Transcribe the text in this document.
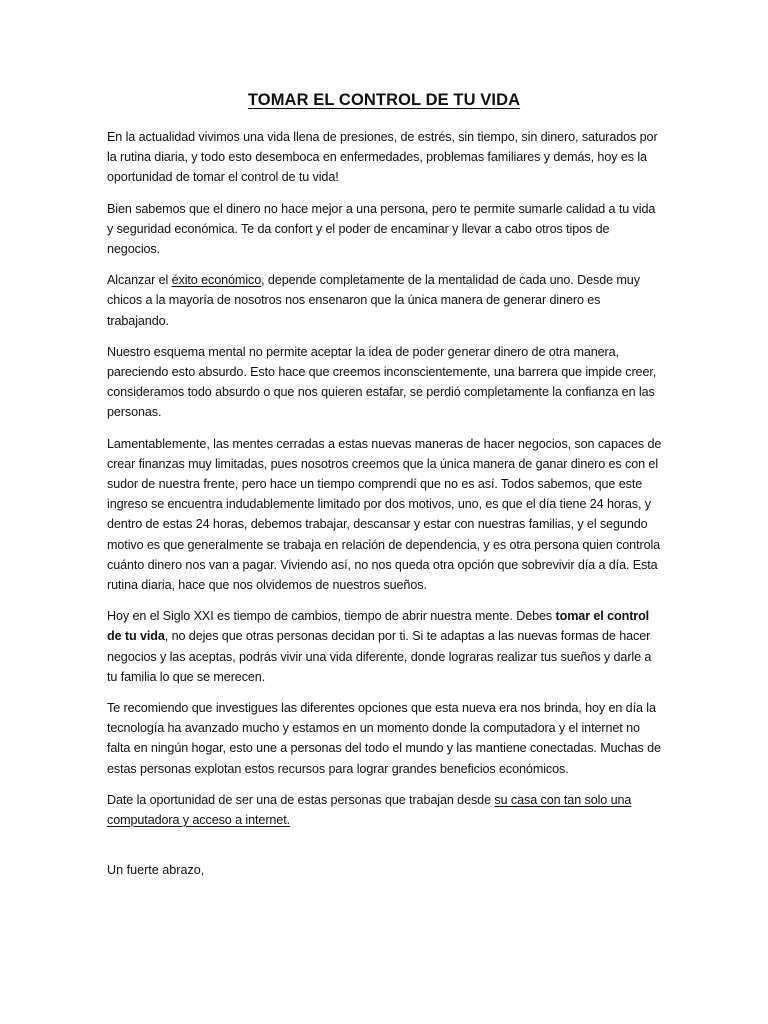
TOMAR EL CONTROL DE TU VIDA

En la actualidad vivimos una vida llena de presiones, de estrés, sin tiempo, sin dinero, saturados por la rutina diaria, y todo esto desemboca en enfermedades, problemas familiares y demás, hoy es la oportunidad de tomar el control de tu vida!

Bien sabemos que el dinero no hace mejor a una persona, pero te permite sumarle calidad a tu vida y seguridad económica. Te da confort y el poder de encaminar y llevar a cabo otros tipos de negocios.

Alcanzar el éxito económico, depende completamente de la mentalidad de cada uno. Desde muy chicos a la mayoría de nosotros nos ensenaron que la única manera de generar dinero es trabajando.

Nuestro esquema mental no permite aceptar la idea de poder generar dinero de otra manera, pareciendo esto absurdo. Esto hace que creemos inconscientemente, una barrera que impide creer, consideramos todo absurdo o que nos quieren estafar, se perdió completamente la confianza en las personas.

Lamentablemente, las mentes cerradas a estas nuevas maneras de hacer negocios, son capaces de crear finanzas muy limitadas, pues nosotros creemos que la única manera de ganar dinero es con el sudor de nuestra frente, pero hace un tiempo comprendí que no es así. Todos sabemos, que este ingreso se encuentra indudablemente limitado por dos motivos, uno, es que el día tiene 24 horas, y dentro de estas 24 horas, debemos trabajar, descansar y estar con nuestras familias, y el segundo motivo es que generalmente se trabaja en relación de dependencia, y es otra persona quien controla cuánto dinero nos van a pagar. Viviendo así, no nos queda otra opción que sobrevivir día a día. Esta rutina diaria, hace que nos olvidemos de nuestros sueños.

Hoy en el Siglo XXI es tiempo de cambios, tiempo de abrir nuestra mente. Debes tomar el control de tu vida, no dejes que otras personas decidan por ti. Si te adaptas a las nuevas formas de hacer negocios y las aceptas, podrás vivir una vida diferente, donde lograras realizar tus sueños y darle a tu familia lo que se merecen.

Te recomiendo que investigues las diferentes opciones que esta nueva era nos brinda, hoy en día la tecnología ha avanzado mucho y estamos en un momento donde la computadora y el internet no falta en ningún hogar, esto une a personas del todo el mundo y las mantiene conectadas. Muchas de estas personas explotan estos recursos para lograr grandes beneficios económicos.

Date la oportunidad de ser una de estas personas que trabajan desde su casa con tan solo una computadora y acceso a internet.

Un fuerte abrazo,
